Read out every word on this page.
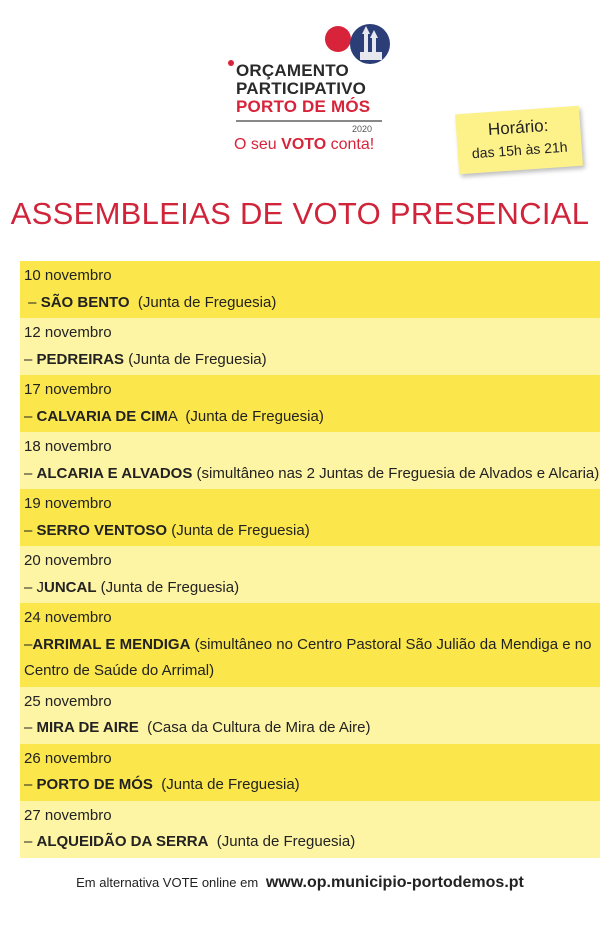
ORÇAMENTO
PARTICIPATIVO
PORTO DE MÓS
2020
O seu VOTO conta!
Horário:
das 15h às 21h
ASSEMBLEIAS DE VOTO PRESENCIAL
10 novembro
– SÃO BENTO  (Junta de Freguesia)
12 novembro
– PEDREIRAS (Junta de Freguesia)
17 novembro
– CALVARIA DE CIMA  (Junta de Freguesia)
18 novembro
– ALCARIA E ALVADOS (simultâneo nas 2 Juntas de Freguesia de Alvados e Alcaria)
19 novembro
– SERRO VENTOSO (Junta de Freguesia)
20 novembro
– JUNCAL (Junta de Freguesia)
24 novembro
–ARRIMAL E MENDIGA (simultâneo no Centro Pastoral São Julião da Mendiga e no Centro de Saúde do Arrimal)
25 novembro
– MIRA DE AIRE  (Casa da Cultura de Mira de Aire)
26 novembro
– PORTO DE MÓS  (Junta de Freguesia)
27 novembro
– ALQUEIDÃO DA SERRA  (Junta de Freguesia)
Em alternativa VOTE online em www.op.municipio-portodemos.pt
